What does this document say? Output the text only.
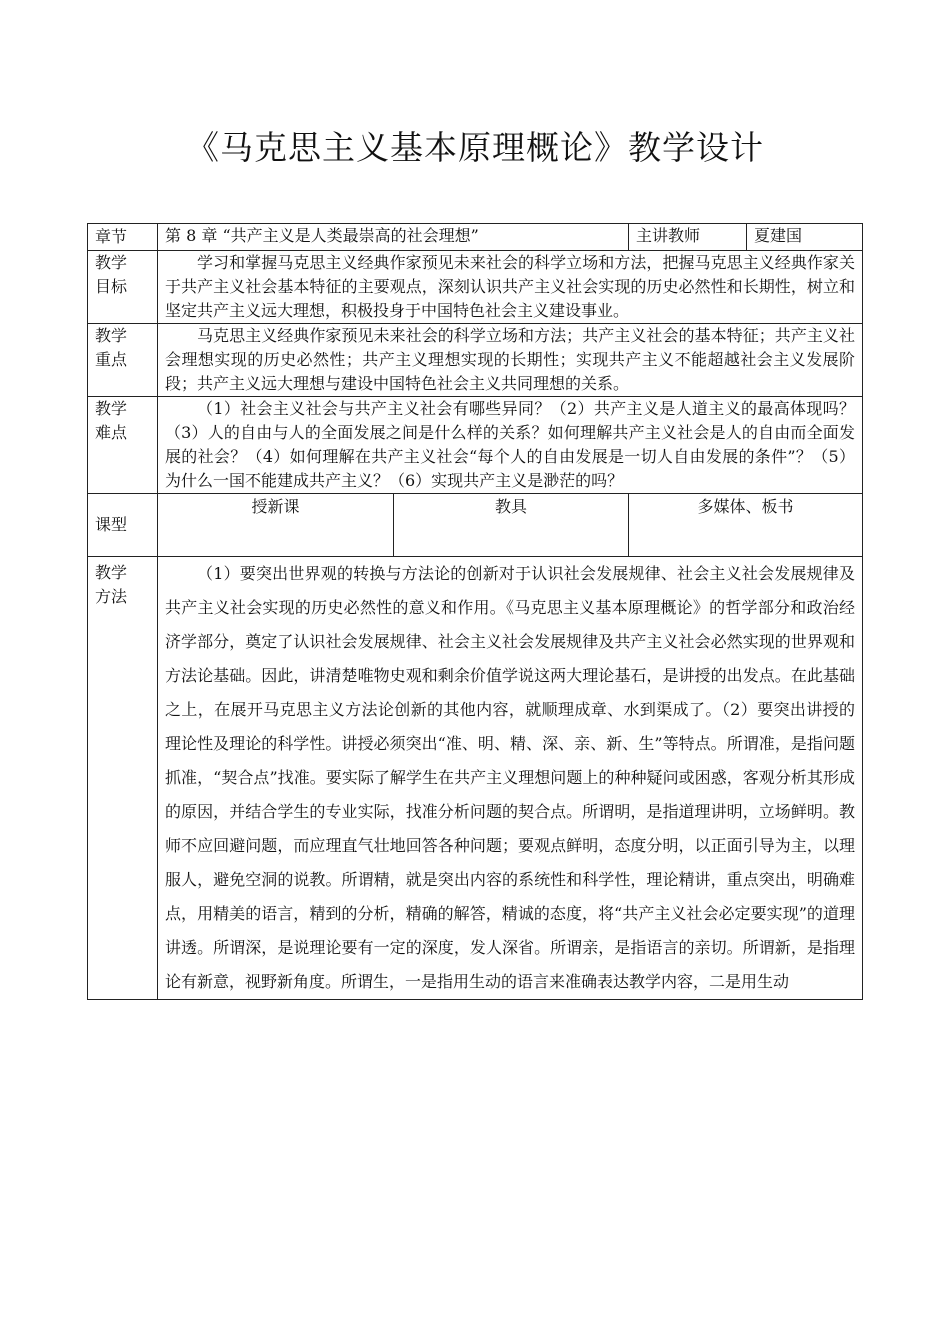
《马克思主义基本原理概论》教学设计
章节	第 8 章 “共产主义是人类最崇高的社会理想”		主讲教师	夏建国
教学
目标	学习和掌握马克思主义经典作家预见未来社会的科学立场和方法，把握马克思主义经典作家关于共产主义社会基本特征的主要观点，深刻认识共产主义社会实现的历史必然性和长期性，树立和坚定共产主义远大理想，积极投身于中国特色社会主义建设事业。			
教学
重点	马克思主义经典作家预见未来社会的科学立场和方法；共产主义社会的基本特征；共产主义社会理想实现的历史必然性；共产主义理想实现的长期性；实现共产主义不能超越社会主义发展阶段；共产主义远大理想与建设中国特色社会主义共同理想的关系。			
教学
难点	（1）社会主义社会与共产主义社会有哪些异同？（2）共产主义是人道主义的最高体现吗？（3）人的自由与人的全面发展之间是什么样的关系？如何理解共产主义社会是人的自由而全面发展的社会？（4）如何理解在共产主义社会“每个人的自由发展是一切人自由发展的条件”？（5）为什么一国不能建成共产主义？（6）实现共产主义是渺茫的吗？			
课型	授新课	教具	多媒体、板书	
教学
方法	（1）要突出世界观的转换与方法论的创新对于认识社会发展规律、社会主义社会发展规律及共产主义社会实现的历史必然性的意义和作用。《马克思主义基本原理概论》的哲学部分和政治经济学部分，奠定了认识社会发展规律、社会主义社会发展规律及共产主义社会必然实现的世界观和方法论基础。因此，讲清楚唯物史观和剩余价值学说这两大理论基石，是讲授的出发点。在此基础之上，在展开马克思主义方法论创新的其他内容，就顺理成章、水到渠成了。（2）要突出讲授的理论性及理论的科学性。讲授必须突出“准、明、精、深、亲、新、生”等特点。所谓准，是指问题抓准，“契合点”找准。要实际了解学生在共产主义理想问题上的种种疑问或困惑，客观分析其形成的原因，并结合学生的专业实际，找准分析问题的契合点。所谓明，是指道理讲明，立场鲜明。教师不应回避问题，而应理直气壮地回答各种问题；要观点鲜明，态度分明，以正面引导为主，以理服人，避免空洞的说教。所谓精，就是突出内容的系统性和科学性，理论精讲，重点突出，明确难点，用精美的语言，精到的分析，精确的解答，精诚的态度，将“共产主义社会必定要实现”的道理讲透。所谓深，是说理论要有一定的深度，发人深省。所谓亲，是指语言的亲切。所谓新，是指理论有新意，视野新角度。所谓生，一是指用生动的语言来准确表达教学内容，二是用生动			
